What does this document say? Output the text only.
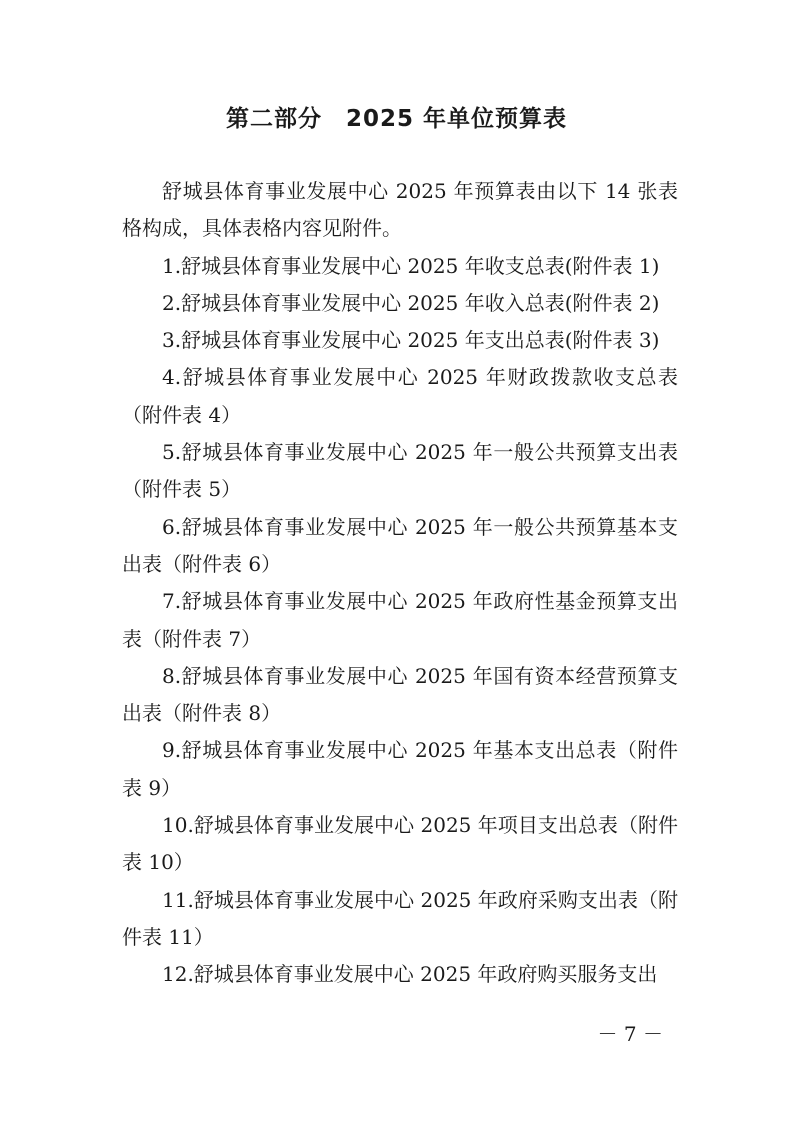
第二部分　2025 年单位预算表

舒城县体育事业发展中心 2025 年预算表由以下 14 张表格构成，具体表格内容见附件。

1.舒城县体育事业发展中心 2025 年收支总表(附件表 1)

2.舒城县体育事业发展中心 2025 年收入总表(附件表 2)

3.舒城县体育事业发展中心 2025 年支出总表(附件表 3)

4.舒城县体育事业发展中心 2025 年财政拨款收支总表（附件表 4）

5.舒城县体育事业发展中心 2025 年一般公共预算支出表（附件表 5）

6.舒城县体育事业发展中心 2025 年一般公共预算基本支出表（附件表 6）

7.舒城县体育事业发展中心 2025 年政府性基金预算支出表（附件表 7）

8.舒城县体育事业发展中心 2025 年国有资本经营预算支出表（附件表 8）

9.舒城县体育事业发展中心 2025 年基本支出总表（附件表 9）

10.舒城县体育事业发展中心 2025 年项目支出总表（附件表 10）

11.舒城县体育事业发展中心 2025 年政府采购支出表（附件表 11）

12.舒城县体育事业发展中心 2025 年政府购买服务支出

－ 7 －
